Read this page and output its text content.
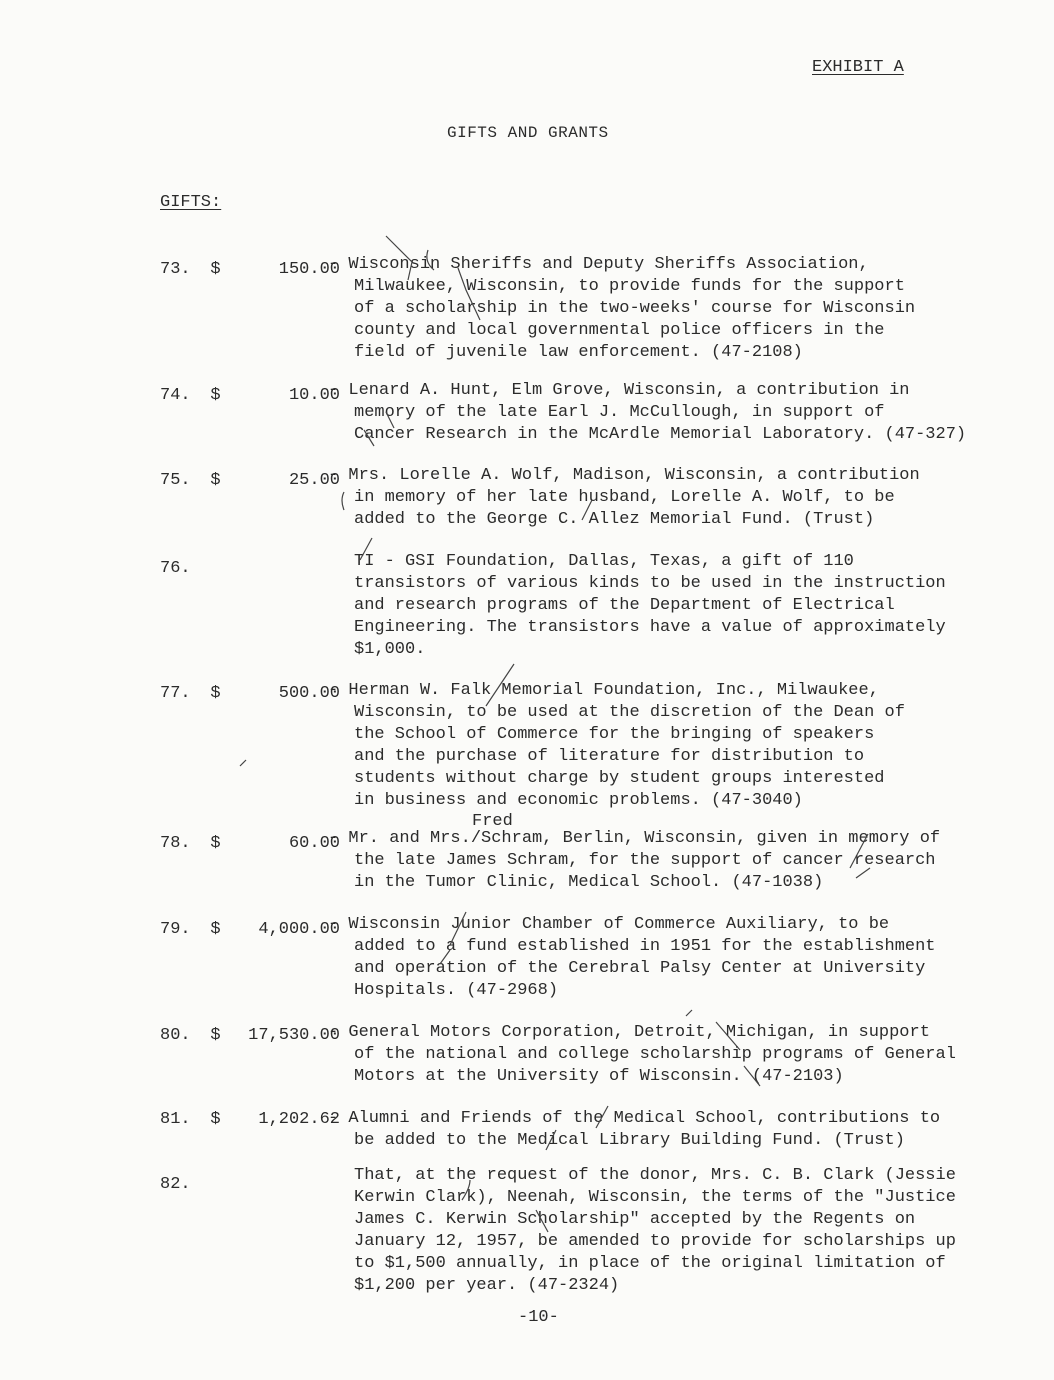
EXHIBIT A
GIFTS AND GRANTS
GIFTS:
73. $	150.00
- Wisconsin Sheriffs and Deputy Sheriffs Association,
Milwaukee, Wisconsin, to provide funds for the support
of a scholarship in the two-weeks' course for Wisconsin
county and local governmental police officers in the
field of juvenile law enforcement. (47-2108)
74. $	10.00
- Lenard A. Hunt, Elm Grove, Wisconsin, a contribution in
memory of the late Earl J. McCullough, in support of
Cancer Research in the McArdle Memorial Laboratory. (47-327)
75. $	25.00
- Mrs. Lorelle A. Wolf, Madison, Wisconsin, a contribution
in memory of her late husband, Lorelle A. Wolf, to be
added to the George C. Allez Memorial Fund. (Trust)
76.	TI - GSI Foundation, Dallas, Texas, a gift of 110
transistors of various kinds to be used in the instruction
and research programs of the Department of Electrical
Engineering. The transistors have a value of approximately
$1,000.
77. $	500.00
- Herman W. Falk Memorial Foundation, Inc., Milwaukee,
Wisconsin, to be used at the discretion of the Dean of
the School of Commerce for the bringing of speakers
and the purchase of literature for distribution to
students without charge by student groups interested
in business and economic problems. (47-3040)
Fred
78. $	60.00
- Mr. and Mrs./Schram, Berlin, Wisconsin, given in memory of
the late James Schram, for the support of cancer research
in the Tumor Clinic, Medical School. (47-1038)
79. $	4,000.00
- Wisconsin Junior Chamber of Commerce Auxiliary, to be
added to a fund established in 1951 for the establishment
and operation of the Cerebral Palsy Center at University
Hospitals. (47-2968)
80. $	17,530.00
- General Motors Corporation, Detroit, Michigan, in support
of the national and college scholarship programs of General
Motors at the University of Wisconsin. (47-2103)
81. $	1,202.62
- Alumni and Friends of the Medical School, contributions to
be added to the Medical Library Building Fund. (Trust)
82.	That, at the request of the donor, Mrs. C. B. Clark (Jessie
Kerwin Clark), Neenah, Wisconsin, the terms of the "Justice
James C. Kerwin Scholarship" accepted by the Regents on
January 12, 1957, be amended to provide for scholarships up
to $1,500 annually, in place of the original limitation of
$1,200 per year. (47-2324)
-10-
